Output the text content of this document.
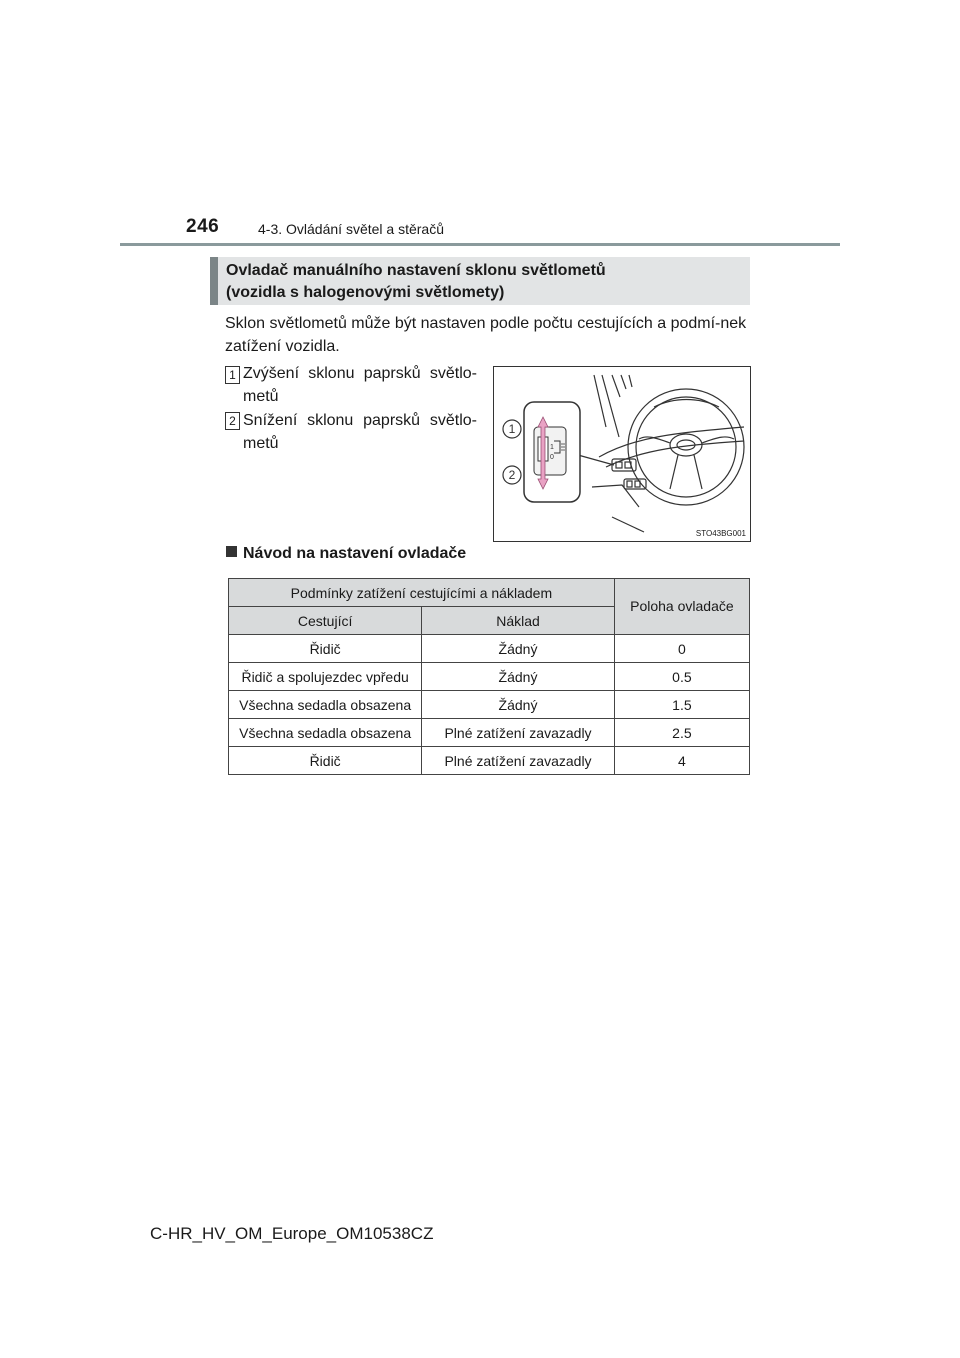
246	4-3. Ovládání světel a stěračů
Ovladač manuálního nastavení sklonu světlometů
(vozidla s halogenovými světlomety)
Sklon světlometů může být nastaven podle počtu cestujících a podmí-nek zatížení vozidla.
1 Zvýšení sklonu paprsků světlo-metů
2 Snížení sklonu paprsků světlo-metů	1
0
1
2
STO43BG001
Návod na nastavení ovladače
Podmínky zatížení cestujícími a nákladem		Poloha ovladače
Cestující	Náklad	
Řidič	Žádný	0
Řidič a spolujezdec vpředu	Žádný	0.5
Všechna sedadla obsazena	Žádný	1.5
Všechna sedadla obsazena	Plné zatížení zavazadly	2.5
Řidič	Plné zatížení zavazadly	4
C-HR_HV_OM_Europe_OM10538CZ
